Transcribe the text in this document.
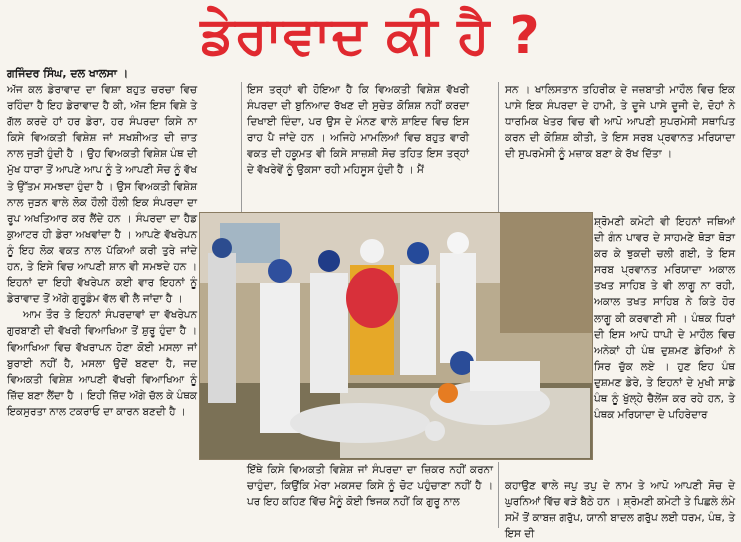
ਡੇਰਾਵਾਦ ਕੀ ਹੈ ?
ਗਜਿੰਦਰ ਸਿੰਘ, ਦਲ ਖਾਲਸਾ ।

ਅੱਜ ਕਲ ਡੇਰਾਵਾਦ ਦਾ ਵਿਸ਼ਾ ਬਹੁਤ ਚਰਚਾ ਵਿਚ ਰਹਿੰਦਾ ਹੈ ਇਹ ਡੇਰਾਵਾਦ ਹੈ ਕੀ, ਅੱਜ ਇਸ ਵਿਸ਼ੇ ਤੇ ਗੱਲ ਕਰਦੇ ਹਾਂ ਹਰ ਡੇਰਾ, ਹਰ ਸੰਪਰਦਾ ਕਿਸੇ ਨਾ ਕਿਸੇ ਵਿਅਕਤੀ ਵਿਸ਼ੇਸ਼ ਜਾਂ ਸਖਸ਼ੀਅਤ ਦੀ ਜ਼ਾਤ ਨਾਲ ਜੁੜੀ ਹੁੰਦੀ ਹੈ । ਉਹ ਵਿਅਕਤੀ ਵਿਸ਼ੇਸ਼ ਪੰਥ ਦੀ ਮੁੱਖ ਧਾਰਾ ਤੋਂ ਆਪਣੇ ਆਪ ਨੂੰ ਤੇ ਆਪਣੀ ਸੋਚ ਨੂੰ ਵੱਖ ਤੇ ਉੱਤਮ ਸਮਝਦਾ ਹੁੰਦਾ ਹੈ । ਉਸ ਵਿਅਕਤੀ ਵਿਸ਼ੇਸ਼ ਨਾਲ ਜੁੜਨ ਵਾਲੇ ਲੋਕ ਹੌਲੀ ਹੌਲੀ ਇਕ ਸੰਪਰਦਾ ਦਾ ਰੂਪ ਅਖਤਿਆਰ ਕਰ ਲੈਂਦੇ ਹਨ । ਸੰਪਰਦਾ ਦਾ ਹੈਡ ਕੁਆਟਰ ਹੀ ਡੇਰਾ ਅਖਵਾਂਦਾ ਹੈ । ਆਪਣੇ ਵੱਖਰੇਪਨ ਨੂੰ ਇਹ ਲੋਕ ਵਕਤ ਨਾਲ ਪੱਕਿਆਂ ਕਰੀ ਤੁਰੇ ਜਾਂਦੇ ਹਨ, ਤੇ ਇਸੇ ਵਿਚ ਆਪਣੀ ਸ਼ਾਨ ਵੀ ਸਮਝਦੇ ਹਨ । ਇਹਨਾਂ ਦਾ ਇਹੀ ਵੱਖਰੇਪਨ ਕਈ ਵਾਰ ਇਹਨਾਂ ਨੂੰ ਡੇਰਾਵਾਦ ਤੋਂ ਅੱਗੇ ਗੁਰੂਡੰਮ ਵੱਲ ਵੀ ਲੈ ਜਾਂਦਾ ਹੈ ।

ਆਮ ਤੌਰ ਤੇ ਇਹਨਾਂ ਸੰਪਰਦਾਵਾਂ ਦਾ ਵੱਖਰੇਪਨ ਗੁਰਬਾਣੀ ਦੀ ਵੱਖਰੀ ਵਿਆਖਿਆ ਤੋਂ ਸ਼ੁਰੂ ਹੁੰਦਾ ਹੈ । ਵਿਆਖਿਆ ਵਿਚ ਵੱਖਰਾਪਨ ਹੋਣਾ ਕੋਈ ਮਸਲਾ ਜਾਂ ਬੁਰਾਈ ਨਹੀਂ ਹੈ, ਮਸਲਾ ਉਦੋਂ ਬਣਦਾ ਹੈ, ਜਦ ਵਿਅਕਤੀ ਵਿਸ਼ੇਸ਼ ਆਪਣੀ ਵੱਖਰੀ ਵਿਆਖਿਆ ਨੂੰ ਜ਼ਿੱਦ ਬਣਾ ਲੈਂਦਾ ਹੈ । ਇਹੀ ਜ਼ਿੱਦ ਅੱਗੇ ਚੱਲ ਕੇ ਪੰਥਕ ਇਕਸੁਰਤਾ ਨਾਲ ਟਕਰਾਓ ਦਾ ਕਾਰਨ ਬਣਦੀ ਹੈ ।

ਇਸ ਤਰ੍ਹਾਂ ਵੀ ਹੋਇਆ ਹੈ ਕਿ ਵਿਅਕਤੀ ਵਿਸ਼ੇਸ਼ ਵੱਖਰੀ ਸੰਪਰਦਾ ਦੀ ਬੁਨਿਆਦ ਰੱਖਣ ਦੀ ਸੁਚੇਤ ਕੋਸ਼ਿਸ਼ ਨਹੀਂ ਕਰਦਾ ਦਿਖਾਈ ਦਿੰਦਾ, ਪਰ ਉਸ ਦੇ ਮੰਨਣ ਵਾਲੇ ਸ਼ਾਇਦ ਵਿਚ ਇਸ ਰਾਹ ਪੈ ਜਾਂਦੇ ਹਨ । ਅਜਿਹੇ ਮਾਮਲਿਆਂ ਵਿਚ ਬਹੁਤ ਵਾਰੀ ਵਕਤ ਦੀ ਹਕੂਮਤ ਵੀ ਕਿਸੇ ਸਾਜ਼ਸ਼ੀ ਸੋਚ ਤਹਿਤ ਇਸ ਤਰ੍ਹਾਂ ਦੇ ਵੱਖਰੇਵੇਂ ਨੂੰ ਉਕਸਾ ਰਹੀ ਮਹਿਸੂਸ ਹੁੰਦੀ ਹੈ । ਮੈਂ

ਸਨ । ਖਾਲਿਸਤਾਨ ਤਹਿਰੀਕ ਦੇ ਜਜ਼ਬਾਤੀ ਮਾਹੌਲ ਵਿਚ ਇਕ ਪਾਸੇ ਇਕ ਸੰਪਰਦਾ ਦੇ ਹਾਮੀ, ਤੇ ਦੂਜੇ ਪਾਸੇ ਦੂਜੀ ਦੇ, ਦੋਹਾਂ ਨੇ ਧਾਰਮਿਕ ਖੇਤਰ ਵਿਚ ਵੀ ਆਪੋ ਆਪਣੀ ਸੁਪਰਮੇਸੀ ਸਥਾਪਿਤ ਕਰਨ ਦੀ ਕੋਸ਼ਿਸ਼ ਕੀਤੀ, ਤੇ ਇਸ ਸਰਬ ਪ੍ਰਵਾਨਤ ਮਰਿਯਾਦਾ ਦੀ ਸੁਪਰਮੇਸੀ ਨੂੰ ਮਜ਼ਾਕ ਬਣਾ ਕੇ ਰੱਖ ਦਿੱਤਾ ।

ਸ਼੍ਰੋਮਣੀ ਕਮੇਟੀ ਵੀ ਇਹਨਾਂ ਜਥਿਆਂ ਦੀ ਗੰਨ ਪਾਵਰ ਦੇ ਸਾਹਮਣੇ ਥੋੜਾ ਥੋੜਾ ਕਰ ਕੇ ਝੁਕਦੀ ਚਲੀ ਗਈ, ਤੇ ਇਸ ਸਰਬ ਪ੍ਰਵਾਨਤ ਮਰਿਯਾਦਾ ਅਕਾਲ ਤਖਤ ਸਾਹਿਬ ਤੇ ਵੀ ਲਾਗੂ ਨਾ ਰਹੀ, ਅਕਾਲ ਤਖਤ ਸਾਹਿਬ ਨੇ ਕਿਤੇ ਹੋਰ ਲਾਗੂ ਕੀ ਕਰਵਾਣੀ ਸੀ । ਪੰਥਕ ਧਿਰਾਂ ਦੀ ਇਸ ਆਪੋ ਧਾਪੀ ਦੇ ਮਾਹੌਲ ਵਿਚ ਅਨੇਕਾਂ ਹੀ ਪੰਥ ਦੁਸ਼ਮਣ ਡੇਰਿਆਂ ਨੇ ਸਿਰ ਚੁੱਕ ਲਏ । ਹੁਣ ਇਹ ਪੰਥ ਦੁਸ਼ਮਣ ਡੇਰੇ, ਤੇ ਇਹਨਾਂ ਦੇ ਮੁਖੀ ਸਾਡੇ ਪੰਥ ਨੂੰ ਖੁੱਲ੍ਹੇ ਚੈਲੇਂਜ ਕਰ ਰਹੇ ਹਨ, ਤੇ ਪੰਥਕ ਮਰਿਯਾਦਾ ਦੇ ਪਹਿਰੇਦਾਰ

ਇੱਥੇ ਕਿਸੇ ਵਿਅਕਤੀ ਵਿਸ਼ੇਸ਼ ਜਾਂ ਸੰਪਰਦਾ ਦਾ ਜ਼ਿਕਰ ਨਹੀਂ ਕਰਨਾ ਚਾਹੁੰਦਾ, ਕਿਉਂਕਿ ਮੇਰਾ ਮਕਸਦ ਕਿਸੇ ਨੂੰ ਚੋਟ ਪਹੁੰਚਾਣਾ ਨਹੀਂ ਹੈ । ਪਰ ਇਹ ਕਹਿਣ ਵਿੱਚ ਮੈਨੂੰ ਕੋਈ ਝਿਜਕ ਨਹੀਂ ਕਿ ਗੁਰੂ ਨਾਲ

ਕਹਾਉਣ ਵਾਲੇ ਜਪੁ ਤਪੁ ਦੇ ਨਾਮ ਤੇ ਆਪੋ ਆਪਣੀ ਸੋਚ ਦੇ ਘੁਰਨਿਆਂ ਵਿੱਚ ਵੜੇ ਬੈਠੇ ਹਨ । ਸ਼੍ਰੋਮਣੀ ਕਮੇਟੀ ਤੇ ਪਿਛਲੇ ਲੰਮੇ ਸਮੇਂ ਤੋਂ ਕਾਬਜ਼ ਗਰੁੱਪ, ਯਾਨੀ ਬਾਦਲ ਗਰੁੱਪ ਲਈ ਧਰਮ, ਪੰਥ, ਤੇ ਇਸ ਦੀ
